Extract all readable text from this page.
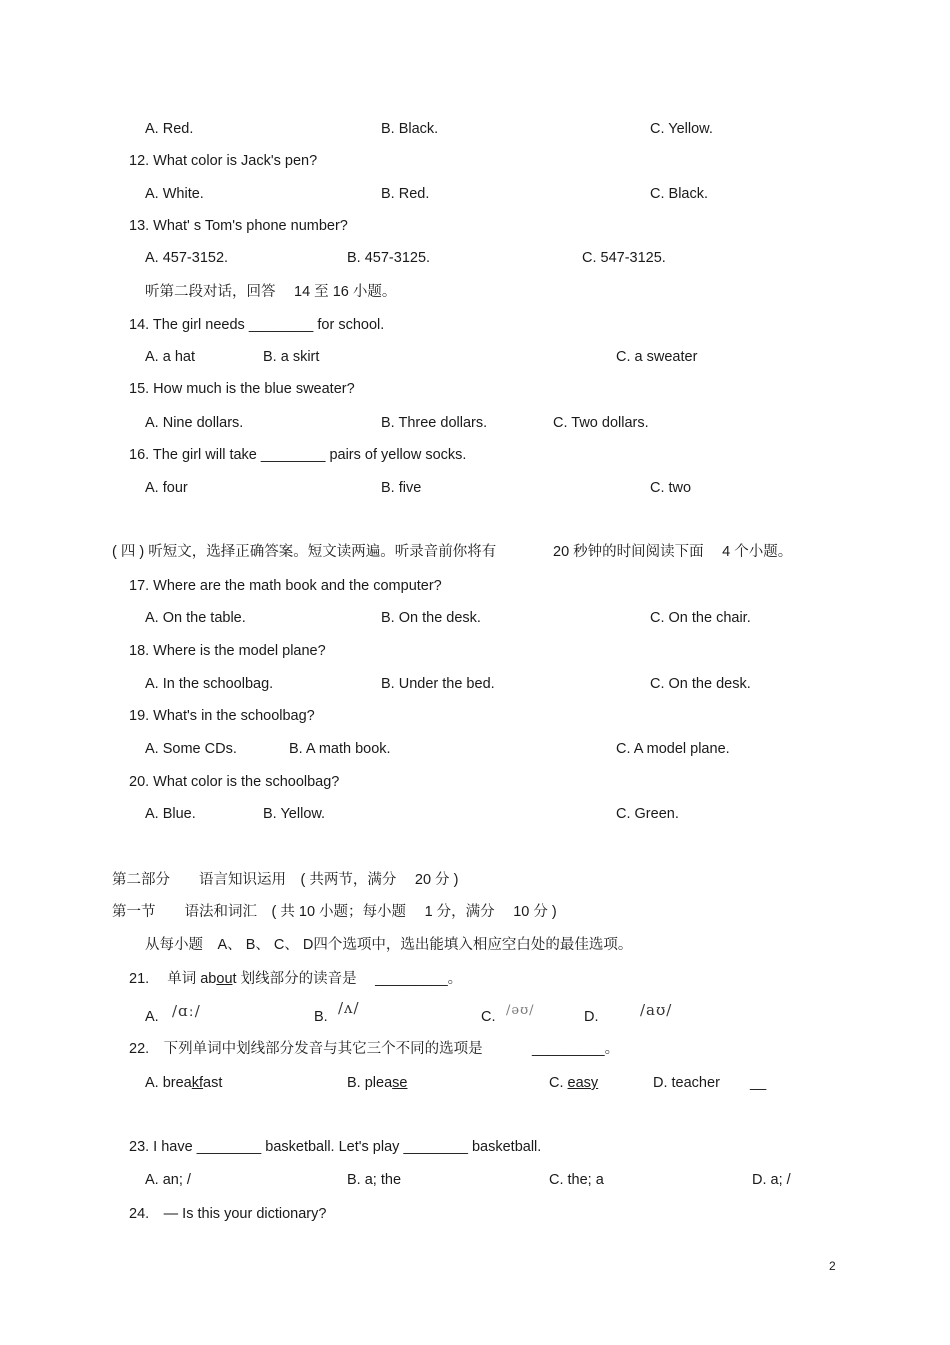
A. Red.	B. Black.	C. Yellow.
12. What color is Jack's pen?
A. White.	B. Red.	C. Black.
13. What' s Tom's phone number?
A. 457-3152.	B. 457-3125.	C. 547-3125.
听第二段对话，回答　 14 至 16 小题。
14. The girl needs ________ for school.
A. a hat	B. a skirt	C. a sweater
15. How much is the blue sweater?
A. Nine dollars.	B. Three dollars.	C. Two dollars.
16. The girl will take ________ pairs of yellow socks.
A. four	B. five	C. two
( 四 ) 听短文，选择正确答案。短文读两遍。听录音前你将有	20 秒钟的时间阅读下面　 4 个小题。
17. Where are the math book and the computer?
A. On the table.	B. On the desk.	C. On the chair.
18. Where is the model plane?
A. In the schoolbag.	B. Under the bed.	C. On the desk.
19. What's in the schoolbag?
A. Some CDs.	B. A math book.	C. A model plane.
20. What color is the schoolbag?
A. Blue.	B. Yellow.	C. Green.
第二部分　　语言知识运用　( 共两节，满分　 20 分 )
第一节　　语法和词汇　( 共 10 小题；每小题　 1 分，满分　 10 分 )
从每小题　A、 B、 C、 D四个选项中，选出能填入相应空白处的最佳选项。
21. 单词 about 划线部分的读音是　 _________。
A. /ɑː/	B. /ʌ/	C. /əʊ/	D.	/aʊ/
22.　下列单词中划线部分发音与其它三个不同的选项是	_________。
A. breakfast	B. please	C. easy	D. teacher __
23. I have ________ basketball. Let's play ________ basketball.
A. an; /	B. a; the	C. the; a	D. a; /
24.　— Is this your dictionary?
2
